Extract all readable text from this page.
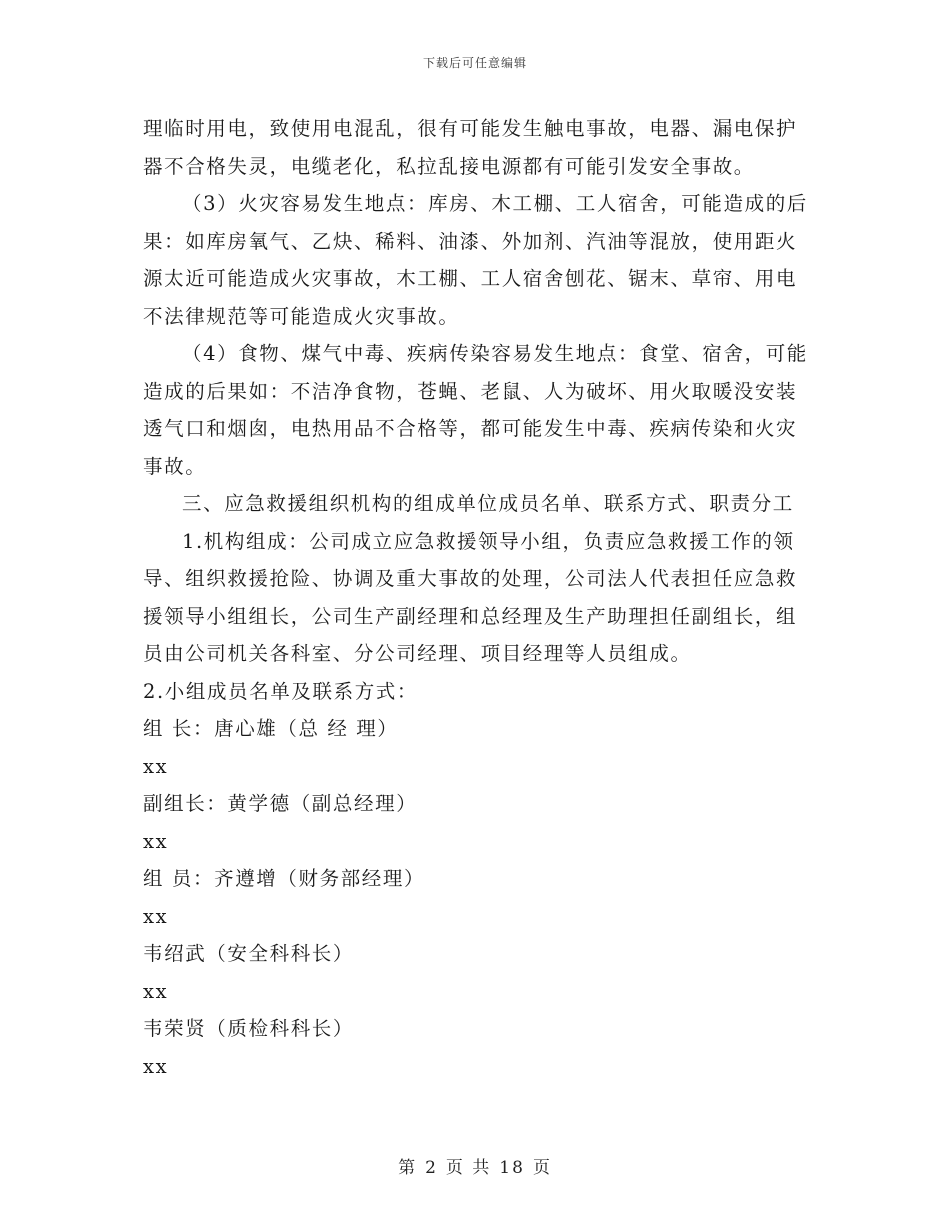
下载后可任意编辑

理临时用电，致使用电混乱，很有可能发生触电事故，电器、漏电保护器不合格失灵，电缆老化，私拉乱接电源都有可能引发安全事故。

（3）火灾容易发生地点：库房、木工棚、工人宿舍，可能造成的后果：如库房氧气、乙炔、稀料、油漆、外加剂、汽油等混放，使用距火源太近可能造成火灾事故，木工棚、工人宿舍刨花、锯末、草帘、用电不法律规范等可能造成火灾事故。

（4）食物、煤气中毒、疾病传染容易发生地点：食堂、宿舍，可能造成的后果如：不洁净食物，苍蝇、老鼠、人为破坏、用火取暖没安装透气口和烟囱，电热用品不合格等，都可能发生中毒、疾病传染和火灾事故。

三、应急救援组织机构的组成单位成员名单、联系方式、职责分工

1.机构组成：公司成立应急救援领导小组，负责应急救援工作的领导、组织救援抢险、协调及重大事故的处理，公司法人代表担任应急救援领导小组组长，公司生产副经理和总经理及生产助理担任副组长，组员由公司机关各科室、分公司经理、项目经理等人员组成。

2.小组成员名单及联系方式：

组 长：唐心雄（总 经 理）

xx

副组长：黄学德（副总经理）

xx

组 员：齐遵增（财务部经理）

xx

韦绍武（安全科科长）

xx

韦荣贤（质检科科长）

xx

第 2 页 共 18 页
